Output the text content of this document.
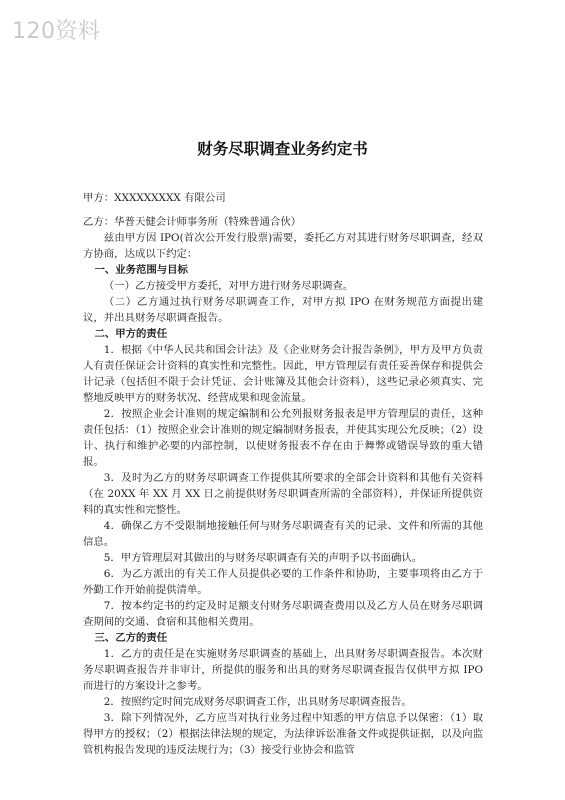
120资料
财务尽职调查业务约定书

甲方：XXXXXXXXX 有限公司

乙方：华普天健会计师事务所（特殊普通合伙）

兹由甲方因 IPO(首次公开发行股票)需要，委托乙方对其进行财务尽职调查，经双方协商，达成以下约定：

一、业务范围与目标

（一）乙方接受甲方委托，对甲方进行财务尽职调查。

（二）乙方通过执行财务尽职调查工作，对甲方拟 IPO 在财务规范方面提出建议，并出具财务尽职调查报告。

二、甲方的责任

1．根据《中华人民共和国会计法》及《企业财务会计报告条例》，甲方及甲方负责人有责任保证会计资料的真实性和完整性。因此，甲方管理层有责任妥善保存和提供会计记录（包括但不限于会计凭证、会计账簿及其他会计资料），这些记录必须真实、完整地反映甲方的财务状况、经营成果和现金流量。

2．按照企业会计准则的规定编制和公允列报财务报表是甲方管理层的责任，这种责任包括：（1）按照企业会计准则的规定编制财务报表，并使其实现公允反映；（2）设计、执行和维护必要的内部控制，以使财务报表不存在由于舞弊或错误导致的重大错报。

3．及时为乙方的财务尽职调查工作提供其所要求的全部会计资料和其他有关资料（在 20XX 年 XX 月 XX 日之前提供财务尽职调查所需的全部资料），并保证所提供资料的真实性和完整性。

4．确保乙方不受限制地接触任何与财务尽职调查有关的记录、文件和所需的其他信息。

5．甲方管理层对其做出的与财务尽职调查有关的声明予以书面确认。

6．为乙方派出的有关工作人员提供必要的工作条件和协助，主要事项将由乙方于外勤工作开始前提供清单。

7．按本约定书的约定及时足额支付财务尽职调查费用以及乙方人员在财务尽职调查期间的交通、食宿和其他相关费用。

三、乙方的责任

1．乙方的责任是在实施财务尽职调查的基础上，出具财务尽职调查报告。本次财务尽职调查报告并非审计，所提供的服务和出具的财务尽职调查报告仅供甲方拟 IPO 而进行的方案设计之参考。

2．按照约定时间完成财务尽职调查工作，出具财务尽职调查报告。

3．除下列情况外，乙方应当对执行业务过程中知悉的甲方信息予以保密：（1）取得甲方的授权；（2）根据法律法规的规定，为法律诉讼准备文件或提供证据，以及向监管机构报告发现的违反法规行为；（3）接受行业协会和监管
